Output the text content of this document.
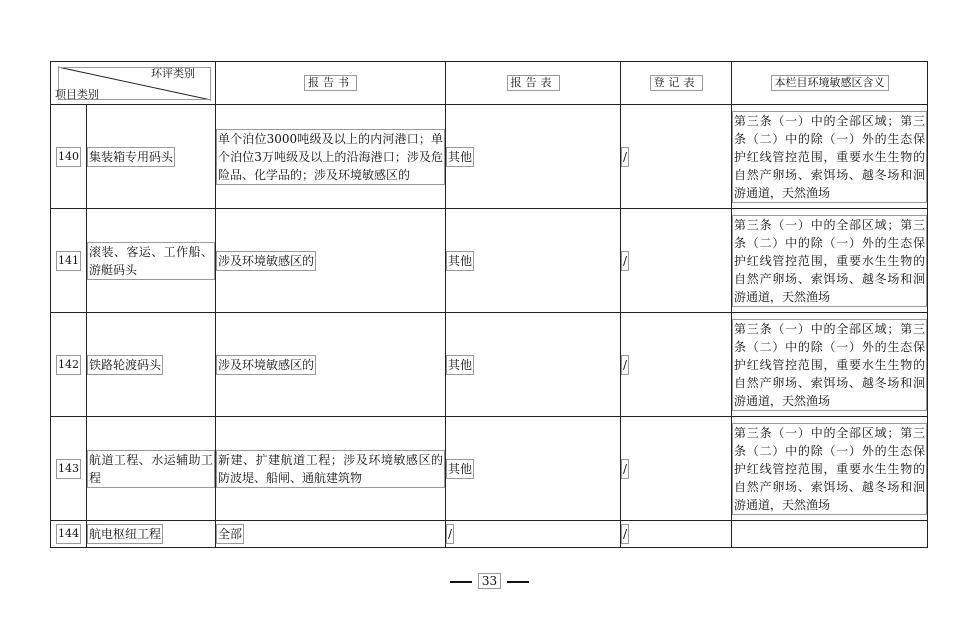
环评类别
项目类别		报告书	报告表	登记表	本栏目环境敏感区含义
140	集装箱专用码头	单个泊位3000吨级及以上的内河港口；单个泊位3万吨级及以上的沿海港口；涉及危险品、化学品的；涉及环境敏感区的	其他	/	第三条（一）中的全部区域；第三条（二）中的除（一）外的生态保护红线管控范围，重要水生生物的自然产卵场、索饵场、越冬场和洄游通道，天然渔场

141	滚装、客运、工作船、游艇码头	涉及环境敏感区的	其他	/	第三条（一）中的全部区域；第三条（二）中的除（一）外的生态保护红线管控范围，重要水生生物的自然产卵场、索饵场、越冬场和洄游通道，天然渔场

142	铁路轮渡码头	涉及环境敏感区的	其他	/	第三条（一）中的全部区域；第三条（二）中的除（一）外的生态保护红线管控范围，重要水生生物的自然产卵场、索饵场、越冬场和洄游通道，天然渔场

143	航道工程、水运辅助工程	新建、扩建航道工程；涉及环境敏感区的防波堤、船闸、通航建筑物	其他	/	第三条（一）中的全部区域；第三条（二）中的除（一）外的生态保护红线管控范围，重要水生生物的自然产卵场、索饵场、越冬场和洄游通道，天然渔场

144	航电枢纽工程	全部	/	/	
33
